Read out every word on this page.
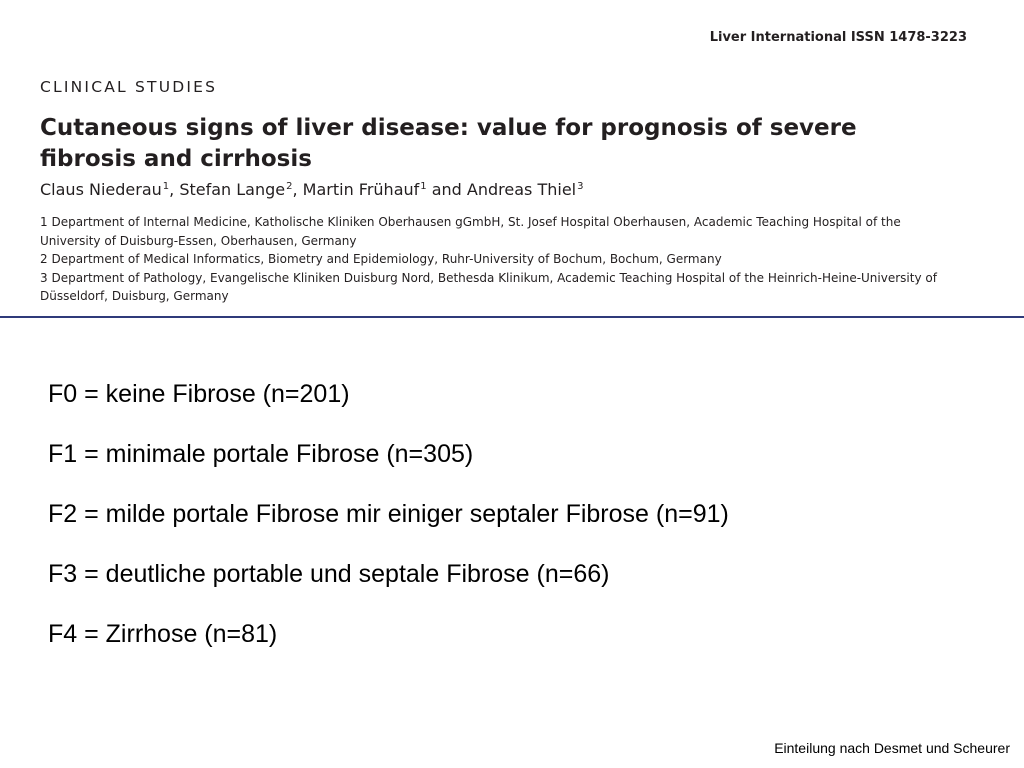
Liver International ISSN 1478-3223
CLINICAL STUDIES
Cutaneous signs of liver disease: value for prognosis of severe fibrosis and cirrhosis
Claus Niederau$^1$, Stefan Lange$^2$, Martin Frühauf$^1$ and Andreas Thiel$^3$
1 Department of Internal Medicine, Katholische Kliniken Oberhausen gGmbH, St. Josef Hospital Oberhausen, Academic Teaching Hospital of the
University of Duisburg-Essen, Oberhausen, Germany
2 Department of Medical Informatics, Biometry and Epidemiology, Ruhr-University of Bochum, Bochum, Germany
3 Department of Pathology, Evangelische Kliniken Duisburg Nord, Bethesda Klinikum, Academic Teaching Hospital of the Heinrich-Heine-University of
Düsseldorf, Duisburg, Germany
F0 = keine Fibrose (n=201)
F1 = minimale portale Fibrose (n=305)
F2 = milde portale Fibrose mir einiger septaler Fibrose (n=91)
F3 = deutliche portable und septale Fibrose (n=66)
F4 = Zirrhose (n=81)
Einteilung nach Desmet und Scheurer
